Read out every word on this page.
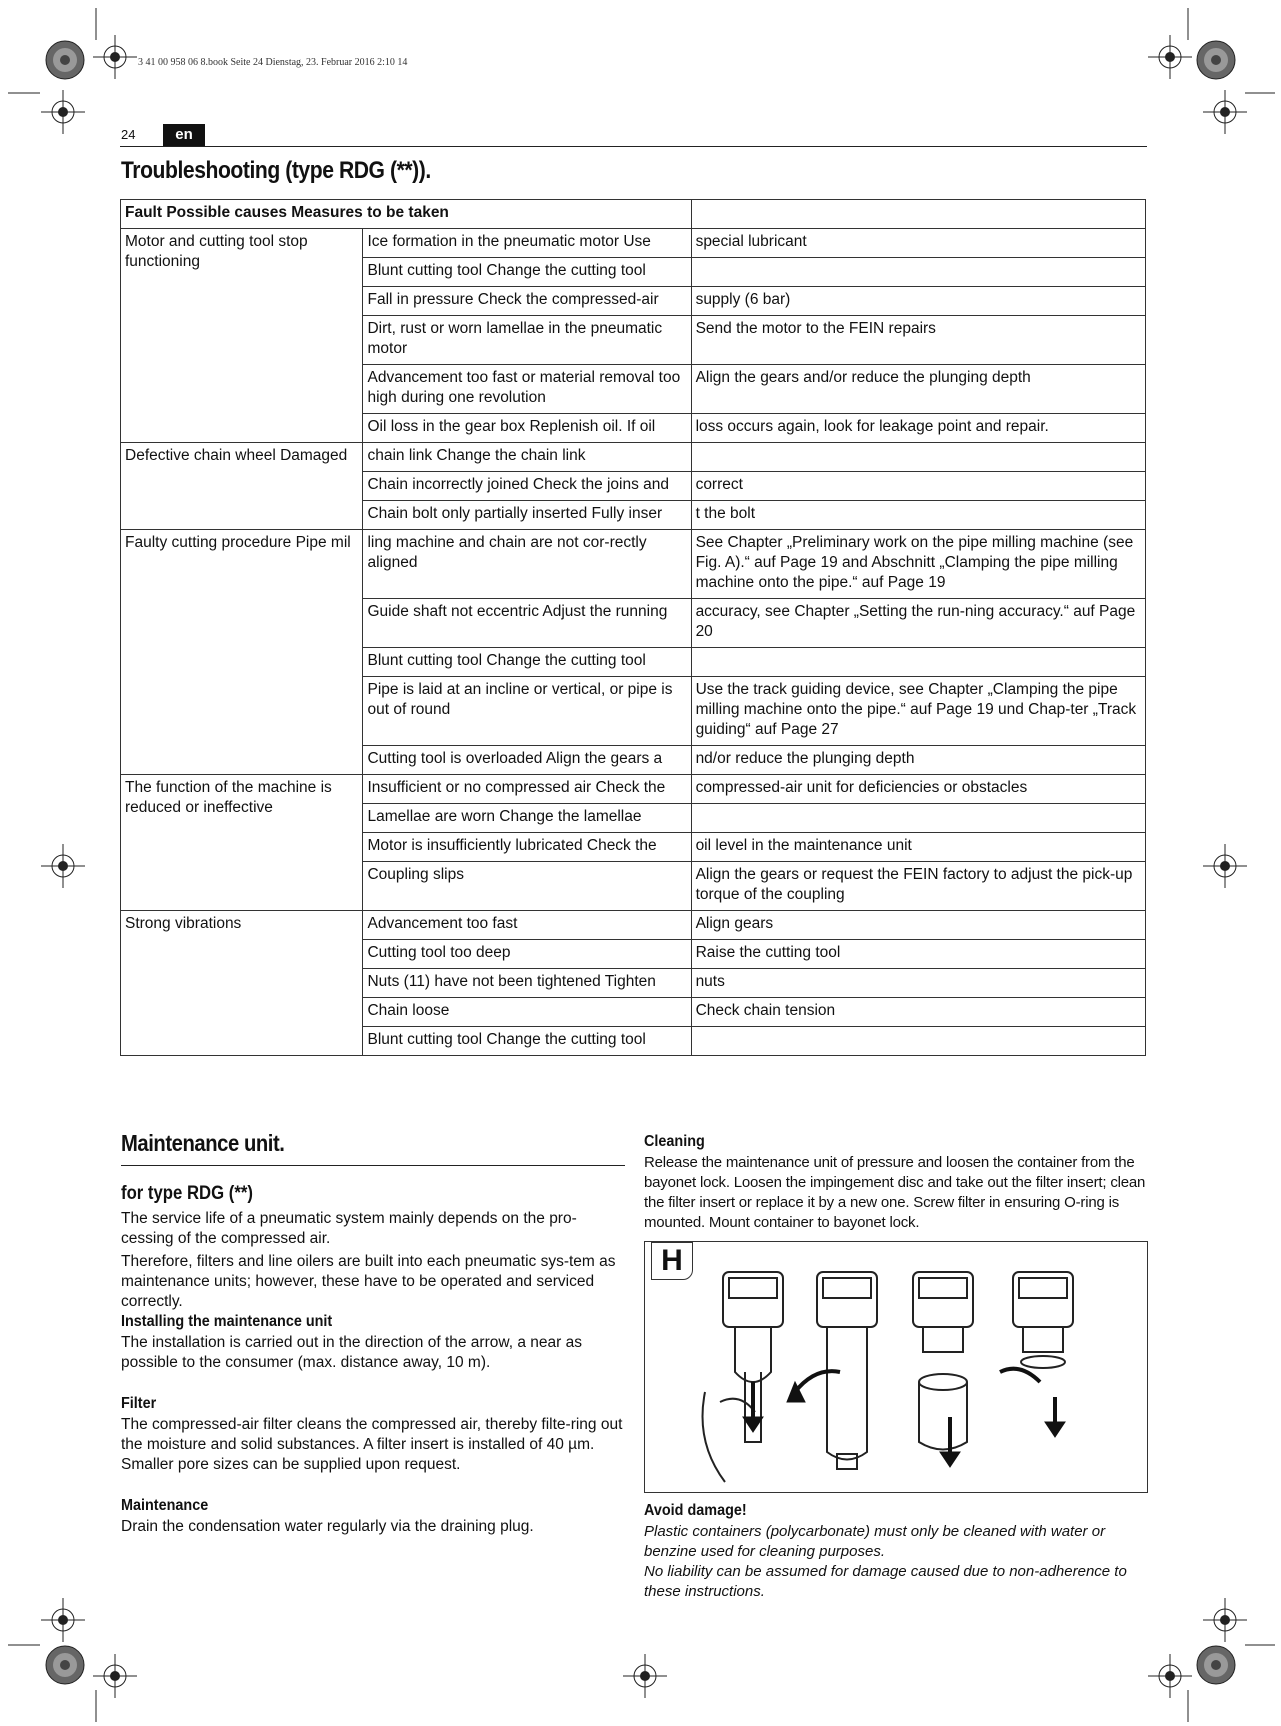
3 41 00 958 06 8.book Seite 24 Dienstag, 23. Februar 2016 2:10 14
24	en
Troubleshooting (type RDG (**)).
Fault Possible causes Measures to be taken		
Motor and cutting tool stop functioning	Ice formation in the pneumatic motor Use	special lubricant
	Blunt cutting tool Change the cutting tool	
	Fall in pressure Check the compressed-air	supply (6 bar)
	Dirt, rust or worn lamellae in the pneumatic motor	Send the motor to the FEIN repairs
	Advancement too fast or material removal too high during one revolution	Align the gears and/or reduce the plunging depth
	Oil loss in the gear box Replenish oil. If oil	loss occurs again, look for leakage point and repair.
Defective chain wheel Damaged	chain link Change the chain link	
	Chain incorrectly joined Check the joins and	correct
	Chain bolt only partially inserted Fully inser	t the bolt
Faulty cutting procedure Pipe mil	ling machine and chain are not cor-rectly aligned	See Chapter „Preliminary work on the pipe milling machine (see Fig. A).“ auf Page 19 and Abschnitt „Clamping the pipe milling machine onto the pipe.“ auf Page 19
	Guide shaft not eccentric Adjust the running	accuracy, see Chapter „Setting the run-ning accuracy.“ auf Page 20
	Blunt cutting tool Change the cutting tool	
	Pipe is laid at an incline or vertical, or pipe is out of round	Use the track guiding device, see Chapter „Clamping the pipe milling machine onto the pipe.“ auf Page 19 und Chap-ter „Track guiding“ auf Page 27
	Cutting tool is overloaded Align the gears a	nd/or reduce the plunging depth
The function of the machine is reduced or ineffective	Insufficient or no compressed air Check the	compressed-air unit for deficiencies or obstacles
	Lamellae are worn Change the lamellae	
	Motor is insufficiently lubricated Check the	oil level in the maintenance unit
	Coupling slips	Align the gears or request the FEIN factory to adjust the pick-up torque of the coupling
Strong vibrations	Advancement too fast	Align gears
	Cutting tool too deep	Raise the cutting tool
	Nuts (11) have not been tightened Tighten	nuts
	Chain loose	Check chain tension
	Blunt cutting tool Change the cutting tool	
Maintenance unit.
for type RDG (**)

The service life of a pneumatic system mainly depends on the pro-cessing of the compressed air.

Therefore, filters and line oilers are built into each pneumatic sys-tem as maintenance units; however, these have to be operated and serviced correctly.

Installing the maintenance unit

The installation is carried out in the direction of the arrow, a near as possible to the consumer (max. distance away, 10 m).

Filter

The compressed-air filter cleans the compressed air, thereby filte-ring out the moisture and solid substances. A filter insert is installed of 40 µm. Smaller pore sizes can be supplied upon request.

Maintenance

Drain the condensation water regularly via the draining plug.

Cleaning

Release the maintenance unit of pressure and loosen the container from the bayonet lock. Loosen the impingement disc and take out the filter insert; clean the filter insert or replace it by a new one. Screw filter in ensuring O-ring is mounted. Mount container to bayonet lock.

H
Avoid damage!

Plastic containers (polycarbonate) must only be cleaned with water or benzine used for cleaning purposes.

No liability can be assumed for damage caused due to non-adherence to these instructions.
